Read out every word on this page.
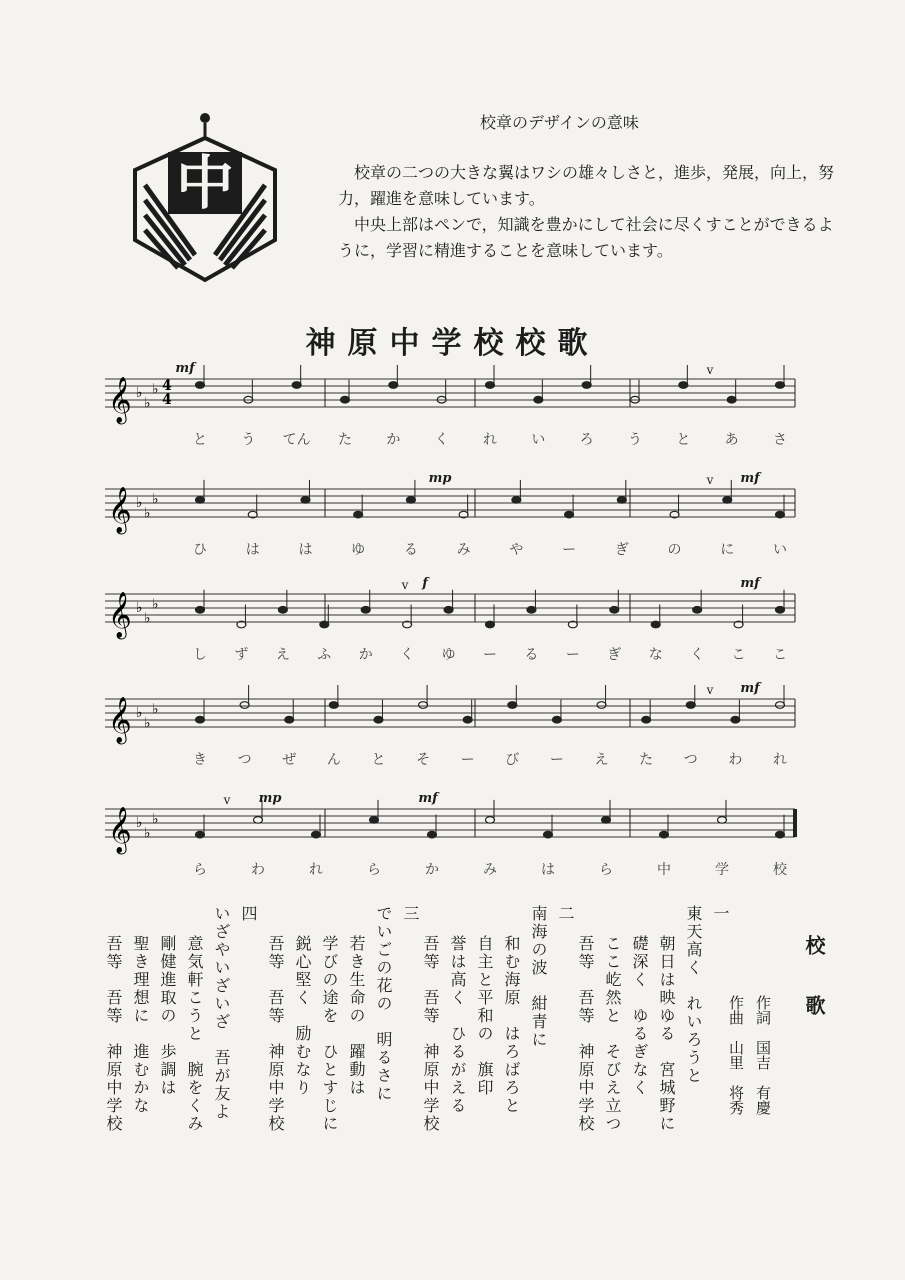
中
校章のデザインの意味

校章の二つの大きな翼はワシの雄々しさと，進歩，発展，向上，努力，躍進を意味しています。

中央上部はペンで，知識を豊かにして社会に尽くすことができるように，学習に精進することを意味しています。

神原中学校校歌
𝄞 ♭
♭
♭ 4
4
と う てん た か く れ い ろ う と あ さ
mf	v
𝄞 ♭
♭
♭
ひ	は	は	ゆ	る	み	や	ー	ぎ	の	に	い
mp	mf
v
𝄞 ♭
♭
♭
し ず え ふ か く ゆ ー る ー ぎ な く こ こ
f	mf
v
𝄞 ♭
♭
♭
き つ ぜ ん と そ ー び ー え た つ わ れ
mf
v
𝄞 ♭
♭
♭
ら	わ	れ	ら	か	み	は	ら	中	学	校
mp	mf
v
校歌
作詞　国吉　有慶
作曲　山里　将秀
一
東天高く　れいろうと
朝日は映ゆる　宮城野に
礎深く　ゆるぎなく
ここ屹然と　そびえ立つ
吾等　吾等　神原中学校
二
南海の波　紺青に
和む海原　はろばろと
自主と平和の　旗印
誉は高く　ひるがえる
吾等　吾等　神原中学校
三
でいごの花の　明るさに
若き生命の　躍動は
学びの途を　ひとすじに
鋭心堅く　励むなり
吾等　吾等　神原中学校
四
いざやいざいざ　吾が友よ
意気軒こうと　腕をくみ
剛健進取の　歩調は
聖き理想に　進むかな
吾等　吾等　神原中学校
